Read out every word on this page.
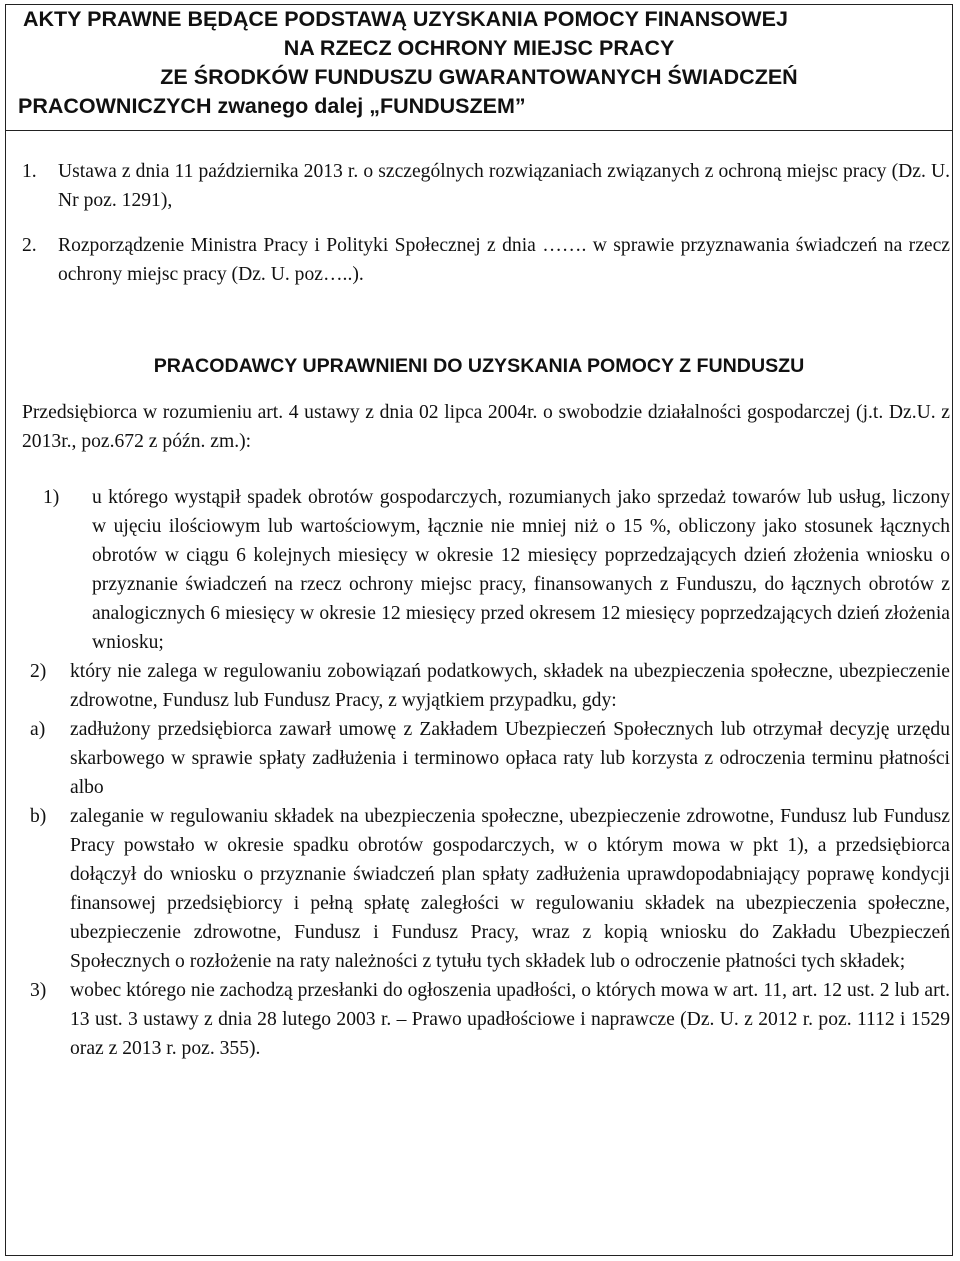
AKTY PRAWNE BĘDĄCE PODSTAWĄ UZYSKANIA POMOCY FINANSOWEJ
NA RZECZ OCHRONY MIEJSC PRACY
ZE ŚRODKÓW FUNDUSZU GWARANTOWANYCH ŚWIADCZEŃ
PRACOWNICZYCH zwanego dalej „FUNDUSZEM”
1.	Ustawa z dnia 11 października 2013 r. o szczególnych rozwiązaniach związanych z ochroną miejsc pracy (Dz. U. Nr poz. 1291),
2.	Rozporządzenie Ministra Pracy i Polityki Społecznej z dnia ……. w sprawie przyznawania świadczeń na rzecz ochrony miejsc pracy (Dz. U. poz…..).
PRACODAWCY UPRAWNIENI DO UZYSKANIA POMOCY Z FUNDUSZU
Przedsiębiorca w rozumieniu art. 4 ustawy z dnia 02 lipca 2004r. o swobodzie działalności gospodarczej (j.t. Dz.U. z 2013r., poz.672 z późn. zm.):
1)	u którego wystąpił spadek obrotów gospodarczych, rozumianych jako sprzedaż towarów lub usług, liczony w ujęciu ilościowym lub wartościowym, łącznie nie mniej niż o 15 %, obliczony jako stosunek łącznych obrotów w ciągu 6 kolejnych miesięcy w okresie 12 miesięcy poprzedzających dzień złożenia wniosku o przyznanie świadczeń na rzecz ochrony miejsc pracy, finansowanych z Funduszu, do łącznych obrotów z analogicznych 6 miesięcy w okresie 12 miesięcy przed okresem 12 miesięcy poprzedzających dzień złożenia wniosku;
2)	który nie zalega w regulowaniu zobowiązań podatkowych, składek na ubezpieczenia społeczne, ubezpieczenie zdrowotne, Fundusz lub Fundusz Pracy, z wyjątkiem przypadku, gdy:
a)	zadłużony przedsiębiorca zawarł umowę z Zakładem Ubezpieczeń Społecznych lub otrzymał decyzję urzędu skarbowego w sprawie spłaty zadłużenia i terminowo opłaca raty lub korzysta z odroczenia terminu płatności albo
b)	zaleganie w regulowaniu składek na ubezpieczenia społeczne, ubezpieczenie zdrowotne, Fundusz lub Fundusz Pracy powstało w okresie spadku obrotów gospodarczych, w o którym mowa w pkt 1), a przedsiębiorca dołączył do wniosku o przyznanie świadczeń plan spłaty zadłużenia uprawdopodabniający poprawę kondycji finansowej przedsiębiorcy i pełną spłatę zaległości w regulowaniu składek na ubezpieczenia społeczne, ubezpieczenie zdrowotne, Fundusz i Fundusz Pracy, wraz z kopią wniosku do Zakładu Ubezpieczeń Społecznych o rozłożenie na raty należności z tytułu tych składek lub o odroczenie płatności tych składek;
3)	wobec którego nie zachodzą przesłanki do ogłoszenia upadłości, o których mowa w art. 11, art. 12 ust. 2 lub art. 13 ust. 3 ustawy z dnia 28 lutego 2003 r. – Prawo upadłościowe i naprawcze (Dz. U. z 2012 r. poz. 1112 i 1529 oraz z 2013 r. poz. 355).
